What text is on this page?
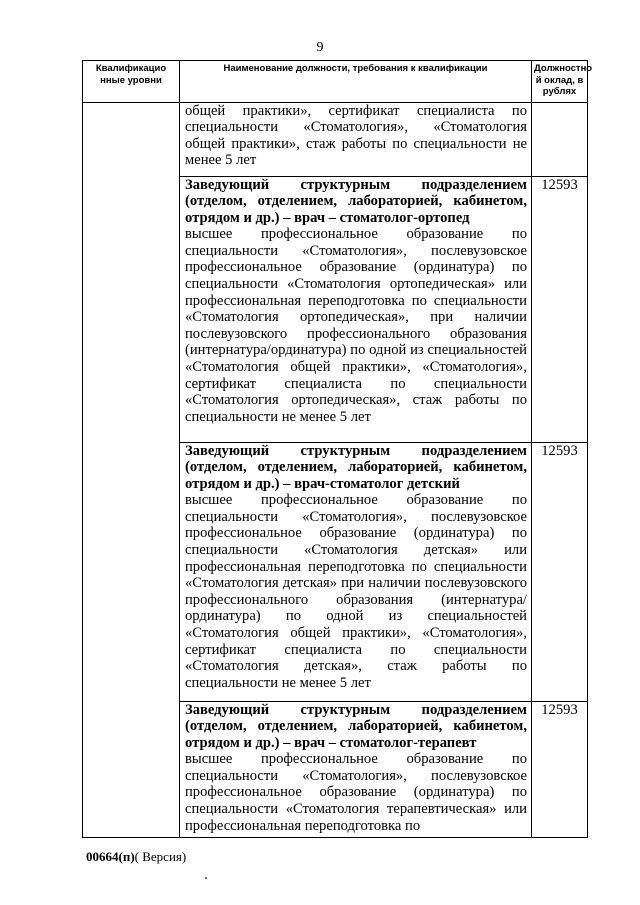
9
Квалификацио нные уровни	Наименование должности, требования к квалификации	Должностно й оклад, в рублях

	общей практики», сертификат специалиста по специальности «Стоматология», «Стоматология общей практики», стаж работы по специальности не менее 5 лет	

	Заведующий структурным подразделением (отделом, отделением, лабораторией, кабинетом, отрядом и др.) – врач – стоматолог-ортопед
высшее профессиональное образование по специальности «Стоматология», послевузовское профессиональное образование (ординатура) по специальности «Стоматология ортопедическая» или профессиональная переподготовка по специальности «Стоматология ортопедическая», при наличии послевузовского профессионального образования (интернатура/ординатура) по одной из специальностей «Стоматология общей практики», «Стоматология», сертификат специалиста по специальности «Стоматология ортопедическая», стаж работы по специальности не менее 5 лет	12593

	Заведующий структурным подразделением (отделом, отделением, лабораторией, кабинетом, отрядом и др.) – врач-стоматолог детский
высшее профессиональное образование по специальности «Стоматология», послевузовское профессиональное образование (ординатура) по специальности «Стоматология детская» или профессиональная переподготовка по специальности «Стоматология детская» при наличии послевузовского профессионального образования (интернатура/ординатура) по одной из специальностей «Стоматология общей практики», «Стоматология», сертификат специалиста по специальности «Стоматология детская», стаж работы по специальности не менее 5 лет	12593

	Заведующий структурным подразделением (отделом, отделением, лабораторией, кабинетом, отрядом и др.) – врач – стоматолог-терапевт
высшее профессиональное образование по специальности «Стоматология», послевузовское профессиональное образование (ординатура) по специальности «Стоматология терапевтическая» или профессиональная переподготовка по	12593
00664(п)( Версия)
